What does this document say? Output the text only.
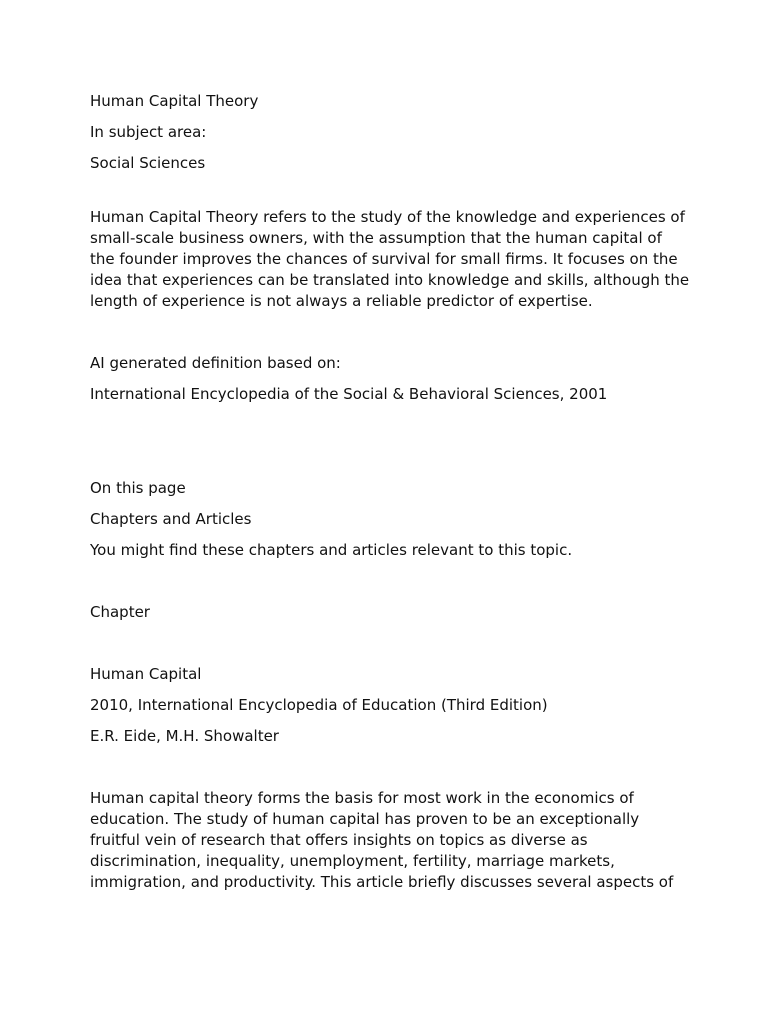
Human Capital Theory
In subject area:
Social Sciences
Human Capital Theory refers to the study of the knowledge and experiences of small-scale business owners, with the assumption that the human capital of the founder improves the chances of survival for small firms. It focuses on the idea that experiences can be translated into knowledge and skills, although the length of experience is not always a reliable predictor of expertise.
AI generated definition based on:
International Encyclopedia of the Social & Behavioral Sciences, 2001
On this page
Chapters and Articles
You might find these chapters and articles relevant to this topic.
Chapter
Human Capital
2010, International Encyclopedia of Education (Third Edition)
E.R. Eide, M.H. Showalter
Human capital theory forms the basis for most work in the economics of education. The study of human capital has proven to be an exceptionally fruitful vein of research that offers insights on topics as diverse as discrimination, inequality, unemployment, fertility, marriage markets, immigration, and productivity. This article briefly discusses several aspects of
